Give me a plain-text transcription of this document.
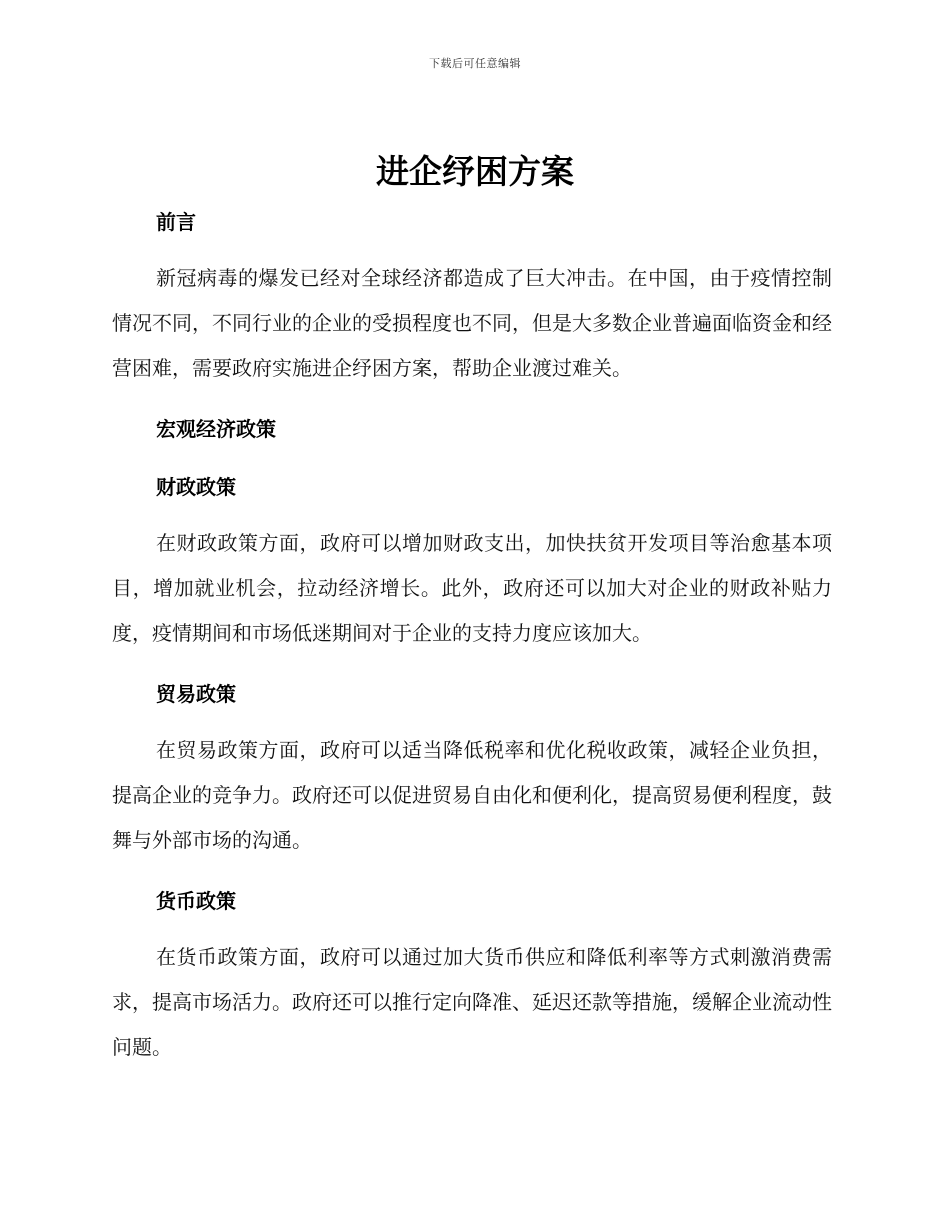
下载后可任意编辑
进企纾困方案

前言

新冠病毒的爆发已经对全球经济都造成了巨大冲击。在中国，由于疫情控制情况不同，不同行业的企业的受损程度也不同，但是大多数企业普遍面临资金和经营困难，需要政府实施进企纾困方案，帮助企业渡过难关。

宏观经济政策

财政政策

在财政政策方面，政府可以增加财政支出，加快扶贫开发项目等治愈基本项目，增加就业机会，拉动经济增长。此外，政府还可以加大对企业的财政补贴力度，疫情期间和市场低迷期间对于企业的支持力度应该加大。

贸易政策

在贸易政策方面，政府可以适当降低税率和优化税收政策，减轻企业负担，提高企业的竞争力。政府还可以促进贸易自由化和便利化，提高贸易便利程度，鼓舞与外部市场的沟通。

货币政策

在货币政策方面，政府可以通过加大货币供应和降低利率等方式刺激消费需求，提高市场活力。政府还可以推行定向降准、延迟还款等措施，缓解企业流动性问题。
